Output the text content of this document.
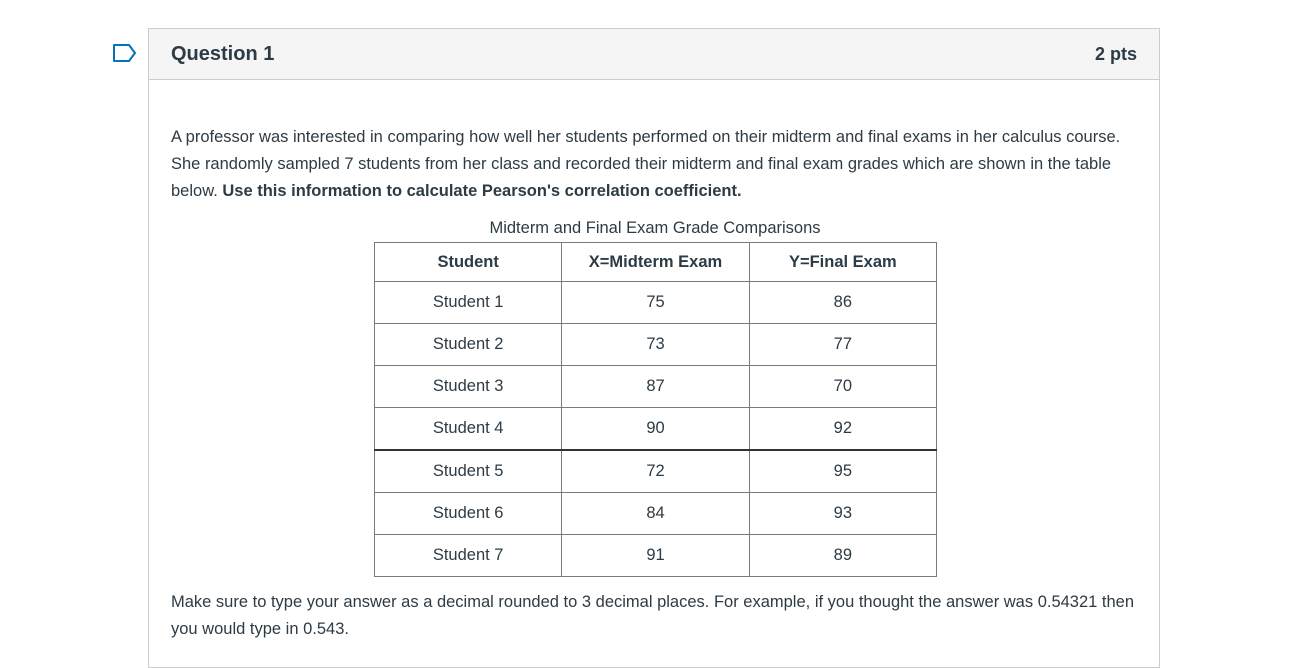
Question 1	2 pts

A professor was interested in comparing how well her students performed on their midterm and final exams in her calculus course. She randomly sampled 7 students from her class and recorded their midterm and final exam grades which are shown in the table below. Use this information to calculate Pearson's correlation coefficient.

Midterm and Final Exam Grade Comparisons
Student	X=Midterm Exam	Y=Final Exam
Student 1	75	86
Student 2	73	77
Student 3	87	70
Student 4	90	92
Student 5	72	95
Student 6	84	93
Student 7	91	89

Make sure to type your answer as a decimal rounded to 3 decimal places. For example, if you thought the answer was 0.54321 then you would type in 0.543.
